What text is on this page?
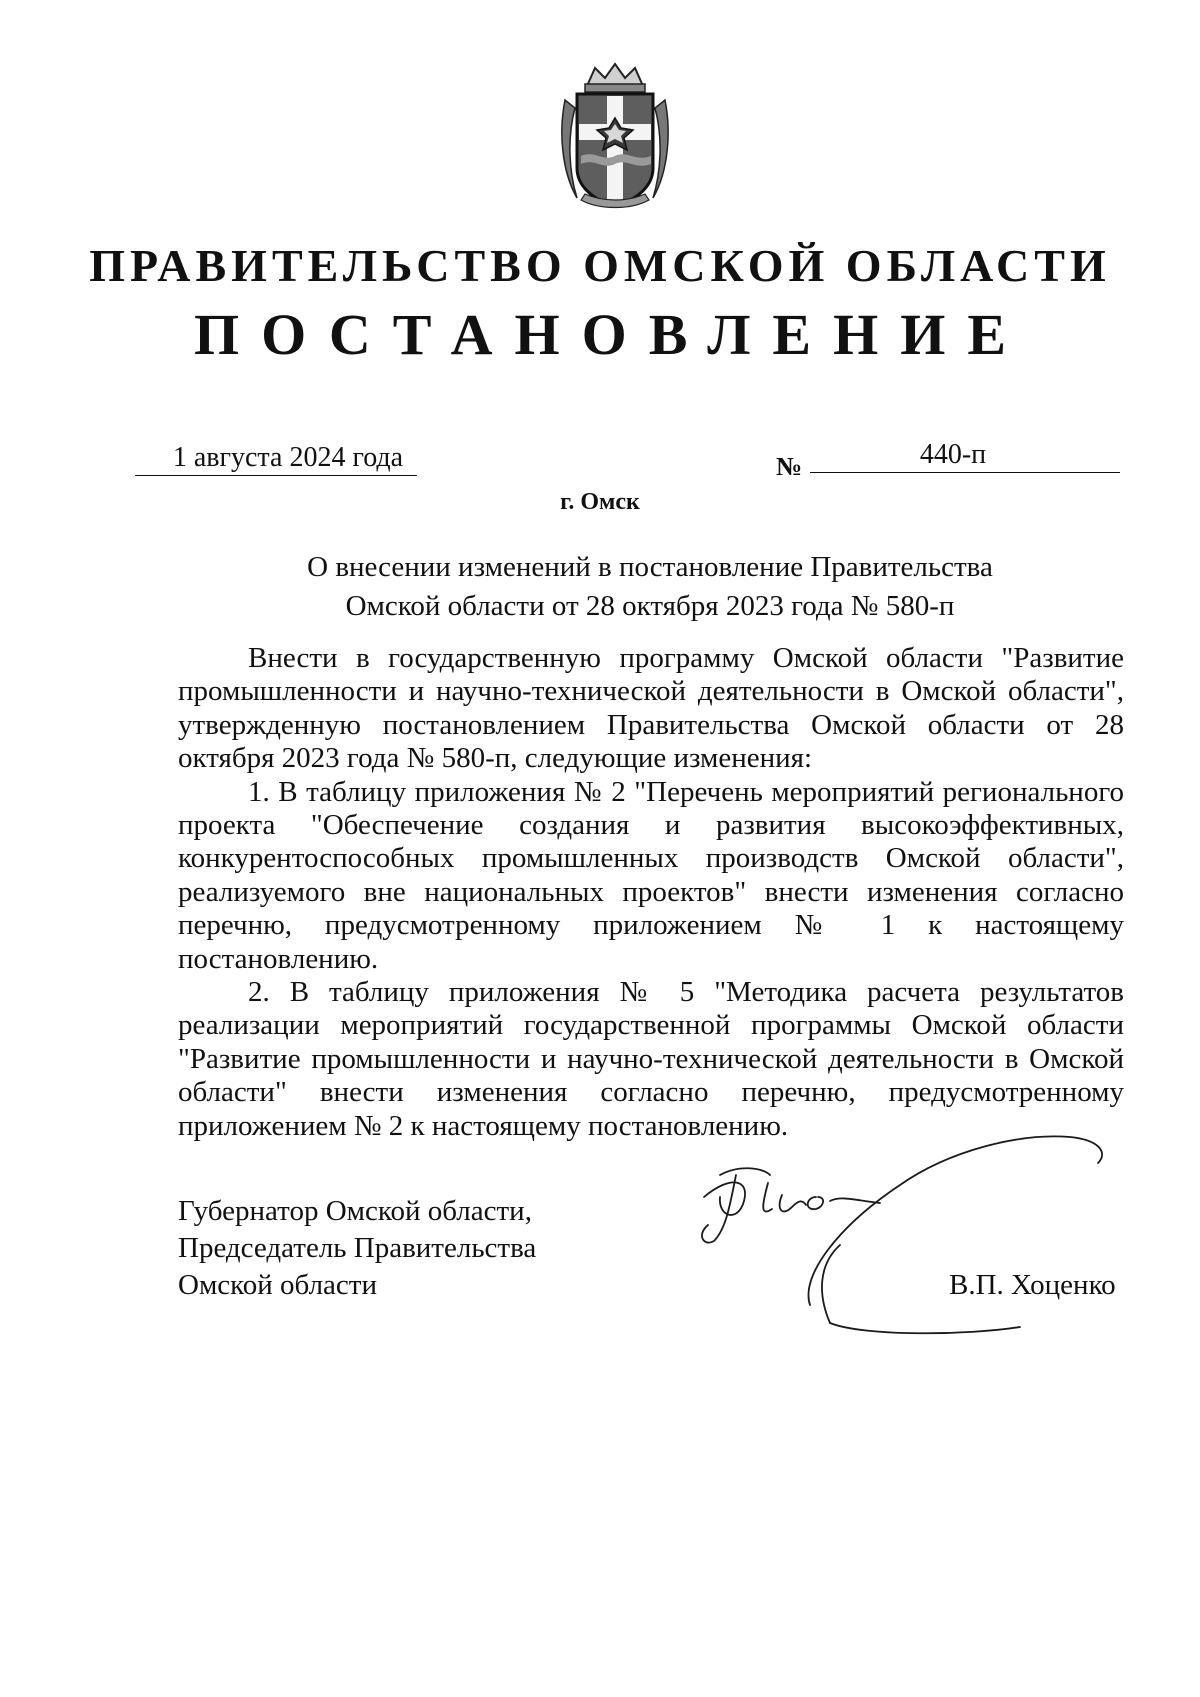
ПРАВИТЕЛЬСТВО ОМСКОЙ ОБЛАСТИ
ПОСТАНОВЛЕНИЕ
1 августа 2024 года	№	440-п
г. Омск
О внесении изменений в постановление Правительства
Омской области от 28 октября 2023 года № 580-п

Внести в государственную программу Омской области "Развитие промышленности и научно-технической деятельности в Омской области", утвержденную постановлением Правительства Омской области от 28 октября 2023 года № 580-п, следующие изменения:

1. В таблицу приложения № 2 "Перечень мероприятий регионального проекта "Обеспечение создания и развития высокоэффективных, конкурентоспособных промышленных производств Омской области", реализуемого вне национальных проектов" внести изменения согласно перечню, предусмотренному приложением № 1 к настоящему постановлению.

2. В таблицу приложения № 5 "Методика расчета результатов реализации мероприятий государственной программы Омской области "Развитие промышленности и научно-технической деятельности в Омской области" внести изменения согласно перечню, предусмотренному приложением № 2 к настоящему постановлению.

Губернатор Омской области,
Председатель Правительства
Омской области	В.П. Хоценко
